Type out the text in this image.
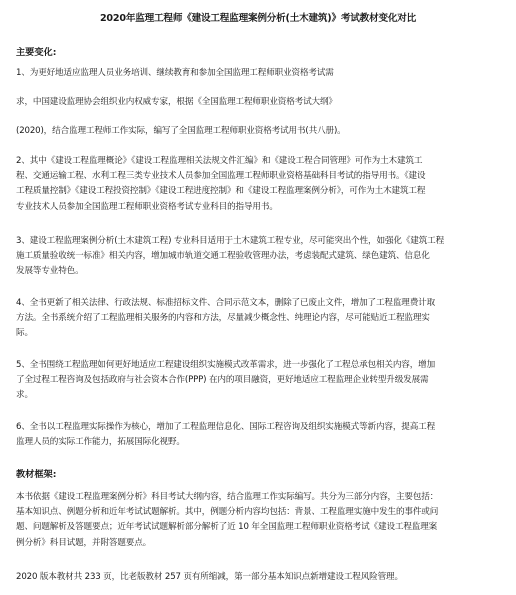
2020年监理工程师《建设工程监理案例分析(土木建筑)》考试教材变化对比
主要变化:
1、为更好地适应监理人员业务培训、继续教育和参加全国监理工程师职业资格考试需
求，中国建设监理协会组织业内权威专家，根据《全国监理工程师职业资格考试大纲》
(2020)，结合监理工程师工作实际，编写了全国监理工程师职业资格考试用书(共八册)。
2、其中《建设工程监理概论》《建设工程监理相关法规文件汇编》和《建设工程合同管理》可作为土木建筑工
程、交通运输工程、水利工程三类专业技术人员参加全国监理工程师职业资格基础科目考试的指导用书。《建设
工程质量控制》《建设工程投资控制》《建设工程进度控制》和《建设工程监理案例分析》，可作为土木建筑工程
专业技术人员参加全国监理工程师职业资格考试专业科目的指导用书。
3、建设工程监理案例分析(土木建筑工程) 专业科目适用于土木建筑工程专业，尽可能突出个性，如强化《建筑工程
施工质量验收统一标准》相关内容，增加城市轨道交通工程验收管理办法，考虑装配式建筑、绿色建筑、信息化
发展等专业特色。
4、全书更新了相关法律、行政法规、标准招标文件、合同示范文本，删除了已废止文件，增加了工程监理费计取
方法。全书系统介绍了工程监理相关服务的内容和方法，尽量减少概念性、纯理论内容，尽可能贴近工程监理实
际。
5、全书围绕工程监理如何更好地适应工程建设组织实施模式改革需求，进一步强化了工程总承包相关内容，增加
了全过程工程咨询及包括政府与社会资本合作(PPP) 在内的项目融资，更好地适应工程监理企业转型升级发展需
求。
6、全书以工程监理实际操作为核心，增加了工程监理信息化、国际工程咨询及组织实施模式等新内容，提高工程
监理人员的实际工作能力，拓展国际化视野。
教材框架:
本书依据《建设工程监理案例分析》科目考试大纲内容，结合监理工作实际编写。共分为三部分内容，主要包括：
基本知识点、例题分析和近年考试试题解析。其中，例题分析内容均包括：背景、工程监理实施中发生的事件或问
题、问题解析及答题要点；近年考试试题解析部分解析了近 10 年全国监理工程师职业资格考试《建设工程监理案
例分析》科目试题，并附答题要点。
2020 版本教材共 233 页，比老版教材 257 页有所缩减，第一部分基本知识点新增建设工程风险管理。
